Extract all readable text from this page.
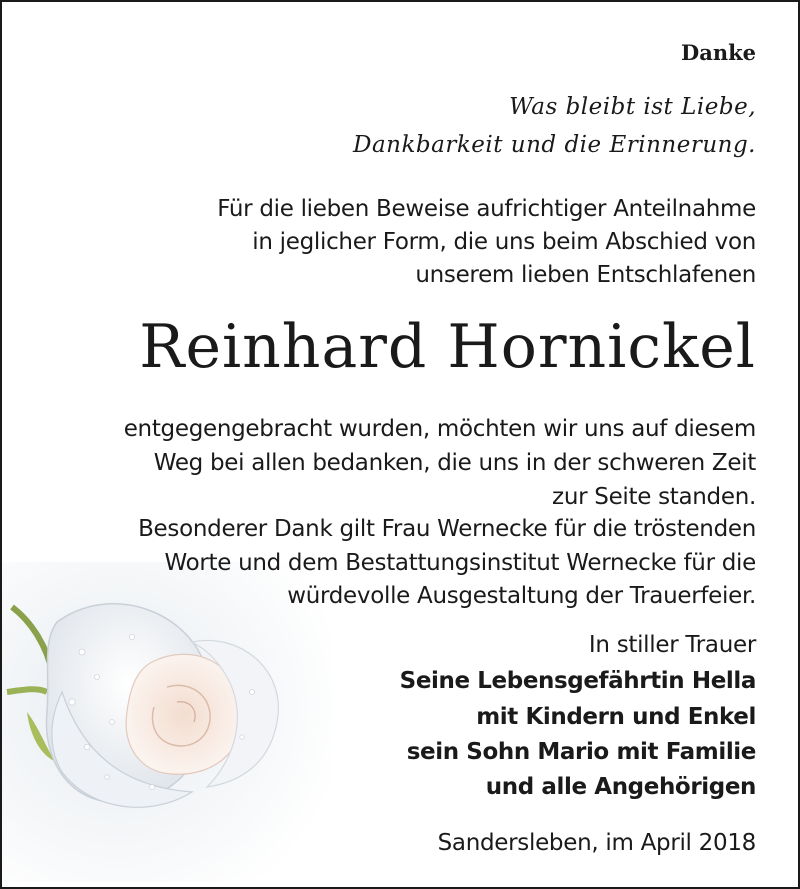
Danke
Was bleibt ist Liebe,
Dankbarkeit und die Erinnerung.
Für die lieben Beweise aufrichtiger Anteilnahme
in jeglicher Form, die uns beim Abschied von
unserem lieben Entschlafenen
Reinhard Hornickel
entgegengebracht wurden, möchten wir uns auf diesem
Weg bei allen bedanken, die uns in der schweren Zeit
zur Seite standen.
Besonderer Dank gilt Frau Wernecke für die tröstenden
Worte und dem Bestattungsinstitut Wernecke für die
würdevolle Ausgestaltung der Trauerfeier.
In stiller Trauer
Seine Lebensgefährtin Hella
mit Kindern und Enkel
sein Sohn Mario mit Familie
und alle Angehörigen
Sandersleben, im April 2018
